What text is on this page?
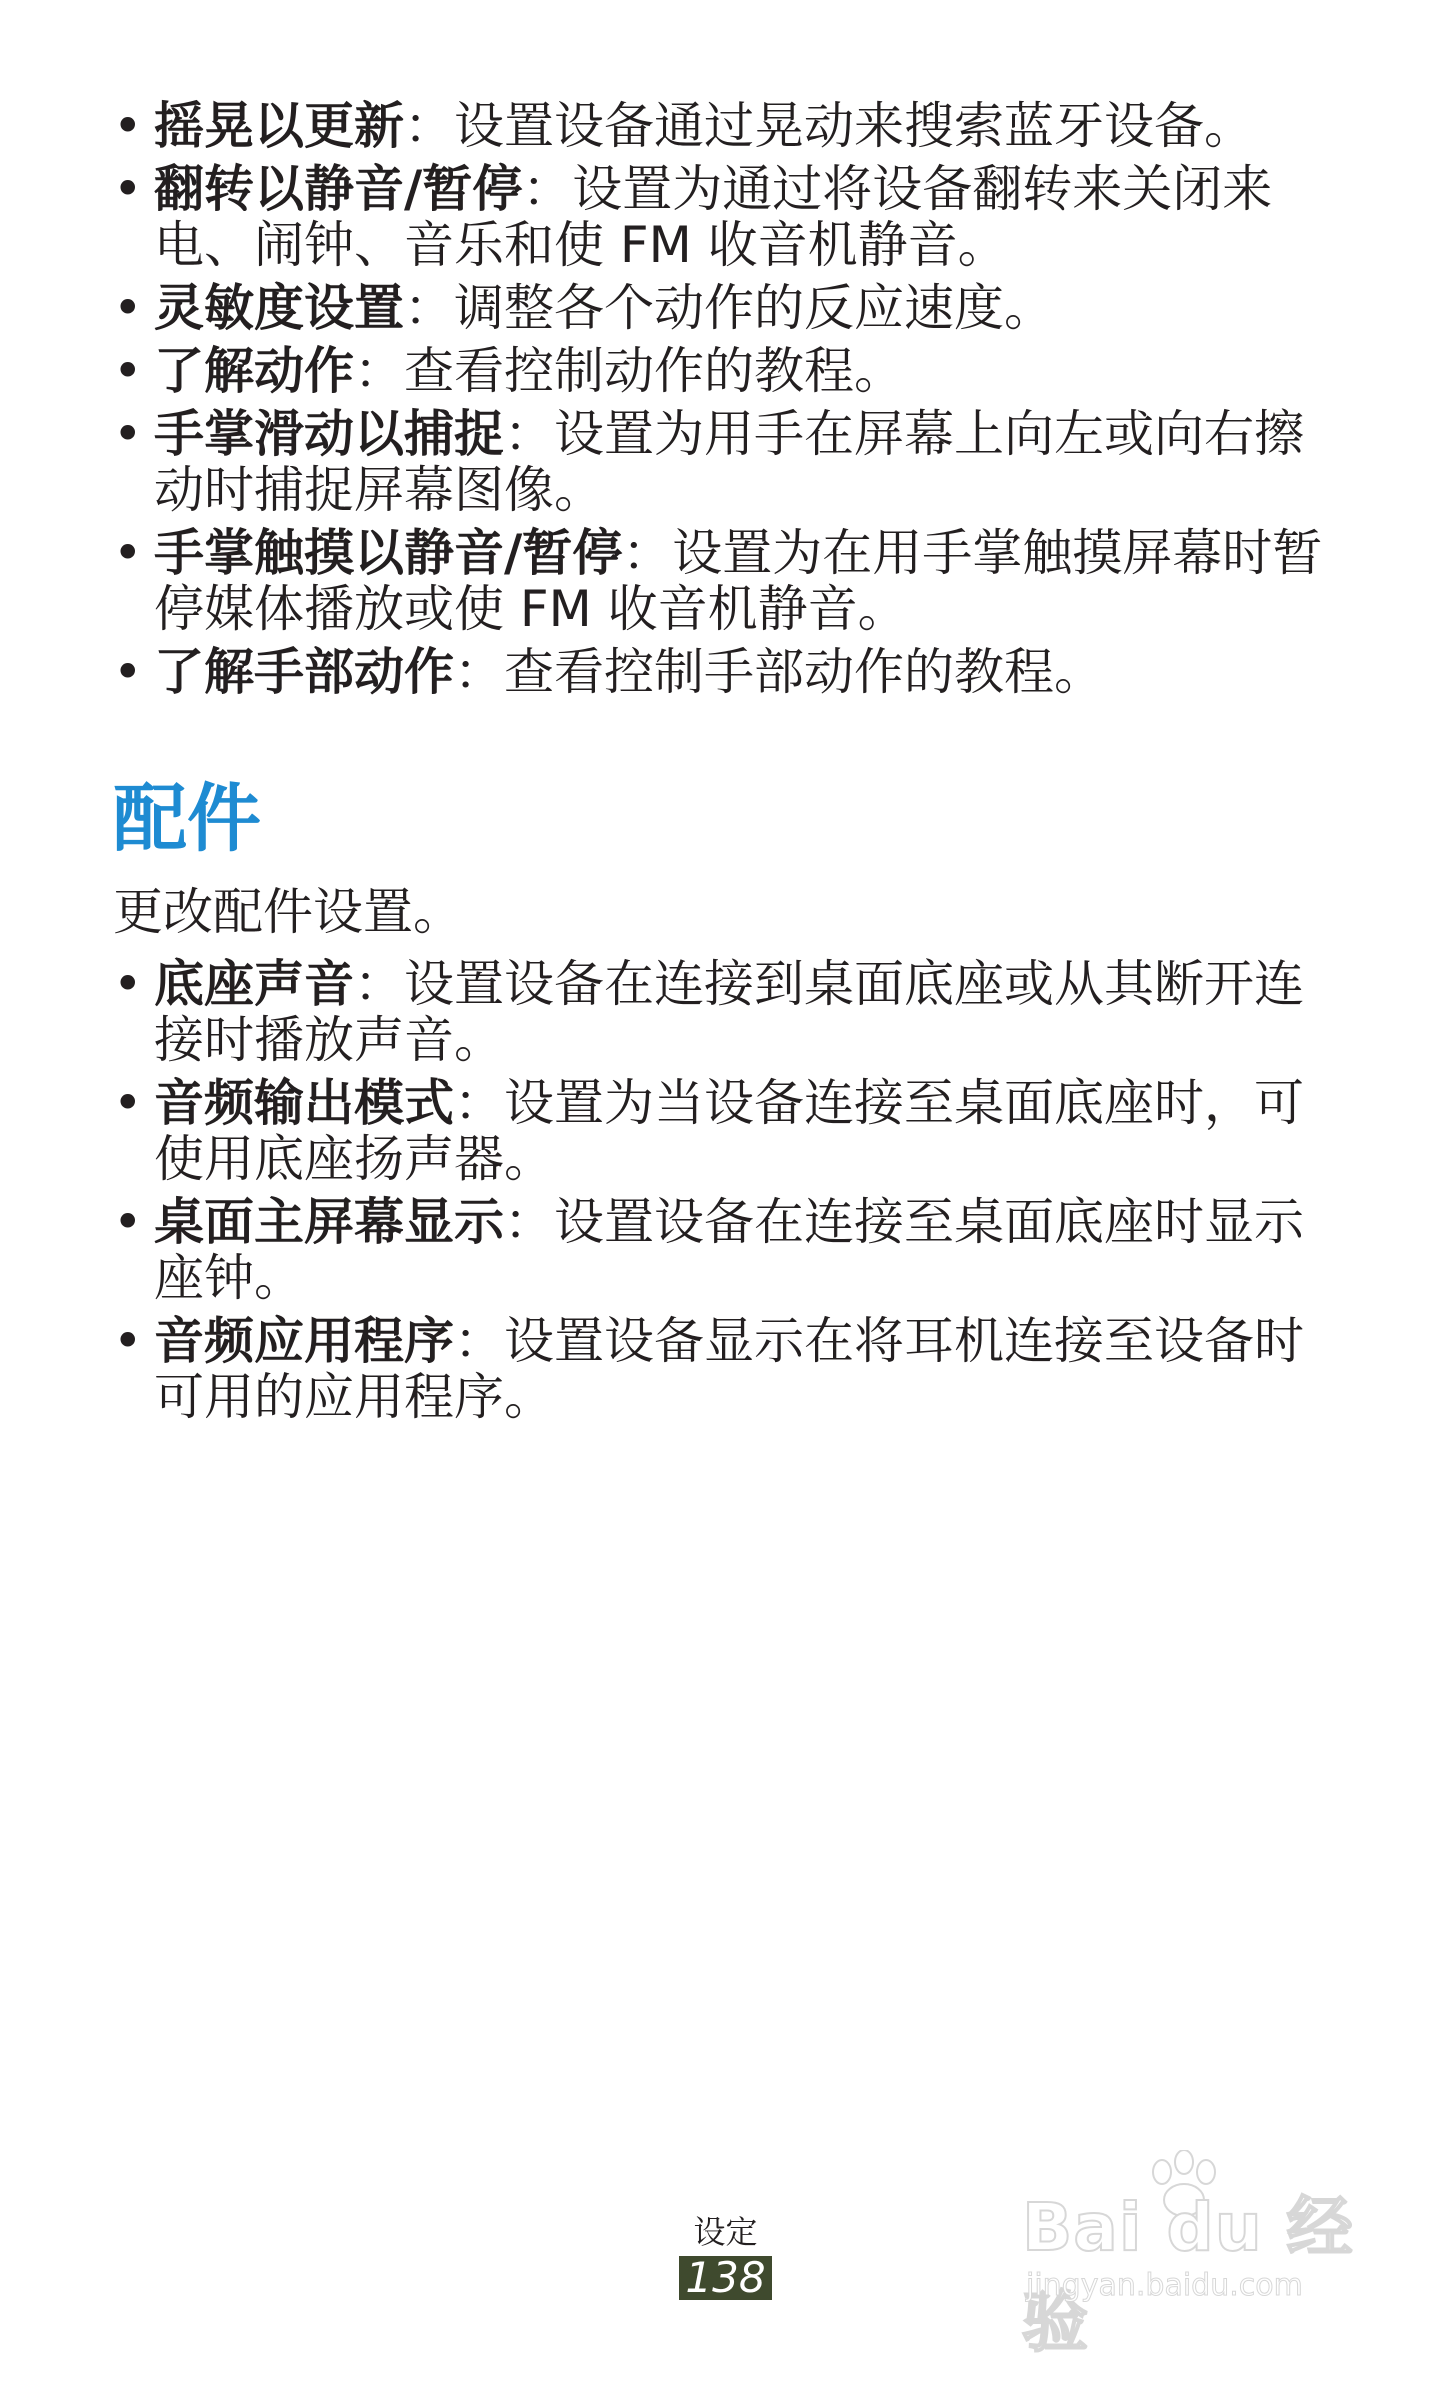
• 摇晃以更新：设置设备通过晃动来搜索蓝牙设备。
• 翻转以静音/暂停：设置为通过将设备翻转来关闭来电、闹钟、音乐和使 FM 收音机静音。
• 灵敏度设置：调整各个动作的反应速度。
• 了解动作：查看控制动作的教程。
• 手掌滑动以捕捉：设置为用手在屏幕上向左或向右擦动时捕捉屏幕图像。
• 手掌触摸以静音/暂停：设置为在用手掌触摸屏幕时暂停媒体播放或使 FM 收音机静音。
• 了解手部动作：查看控制手部动作的教程。
配件

更改配件设置。

• 底座声音：设置设备在连接到桌面底座或从其断开连接时播放声音。
• 音频输出模式：设置为当设备连接至桌面底座时，可使用底座扬声器。
• 桌面主屏幕显示：设置设备在连接至桌面底座时显示座钟。
• 音频应用程序：设置设备显示在将耳机连接至设备时可用的应用程序。
设定
138
Bai du 经验
jingyan.baidu.com
